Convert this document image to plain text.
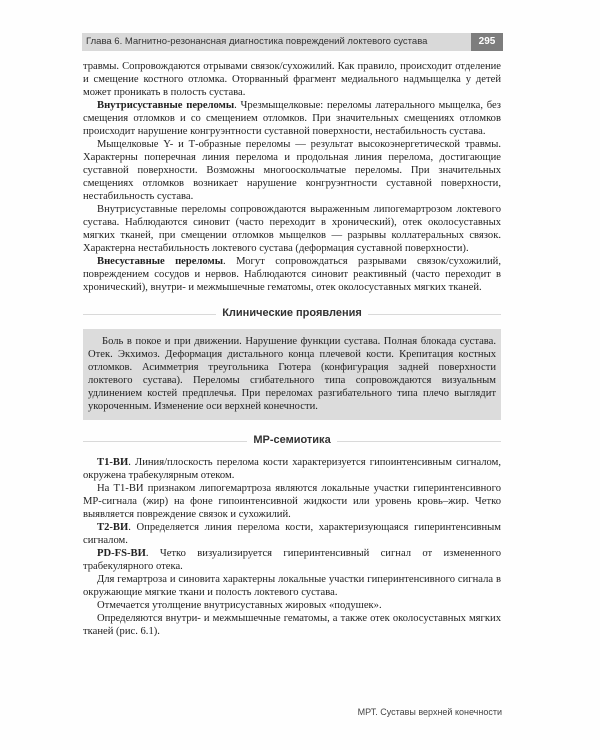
Глава 6. Магнитно-резонансная диагностика повреждений локтевого сустава	295

травмы. Сопровождаются отрывами связок/сухожилий. Как правило, происходит отделение и смещение костного отломка. Оторванный фрагмент медиального надмыщелка у детей может проникать в полость сустава.

Внутрисуставные переломы. Чрезмыщелковые: переломы латерального мыщелка, без смещения отломков и со смещением отломков. При значительных смещениях отломков происходит нарушение конгруэнтности суставной поверхности, нестабильность сустава.

Мыщелковые Y- и Т-образные переломы — результат высокоэнергетической травмы. Характерны поперечная линия перелома и продольная линия перелома, достигающие суставной поверхности. Возможны многооскольчатые переломы. При значительных смещениях отломков возникает нарушение конгруэнтности суставной поверхности, нестабильность сустава.

Внутрисуставные переломы сопровождаются выраженным липогемартрозом локтевого сустава. Наблюдаются синовит (часто переходит в хронический), отек околосуставных мягких тканей, при смещении отломков мыщелков — разрывы коллатеральных связок. Характерна нестабильность локтевого сустава (деформация суставной поверхности).

Внесуставные переломы. Могут сопровождаться разрывами связок/сухожилий, повреждением сосудов и нервов. Наблюдаются синовит реактивный (часто переходит в хронический), внутри- и межмышечные гематомы, отек околосуставных мягких тканей.

Клинические проявления

Боль в покое и при движении. Нарушение функции сустава. Полная блокада сустава. Отек. Экхимоз. Деформация дистального конца плечевой кости. Крепитация костных отломков. Асимметрия треугольника Гютера (конфигурация задней поверхности локтевого сустава). Переломы сгибательного типа сопровождаются визуальным удлинением костей предплечья. При переломах разгибательного типа плечо выглядит укороченным. Изменение оси верхней конечности.

МР-семиотика

Т1-ВИ. Линия/плоскость перелома кости характеризуется гипоинтенсивным сигналом, окружена трабекулярным отеком.

На Т1-ВИ признаком липогемартроза являются локальные участки гиперинтенсивного МР-сигнала (жир) на фоне гипоинтенсивной жидкости или уровень кровь–жир. Четко выявляется повреждение связок и сухожилий.

Т2-ВИ. Определяется линия перелома кости, характеризующаяся гиперинтенсивным сигналом.

PD-FS-ВИ. Четко визуализируется гиперинтенсивный сигнал от измененного трабекулярного отека.

Для гемартроза и синовита характерны локальные участки гиперинтенсивного сигнала в окружающие мягкие ткани и полость локтевого сустава.

Отмечается утолщение внутрисуставных жировых «подушек».

Определяются внутри- и межмышечные гематомы, а также отек околосуставных мягких тканей (рис. 6.1).

МРТ. Суставы верхней конечности
